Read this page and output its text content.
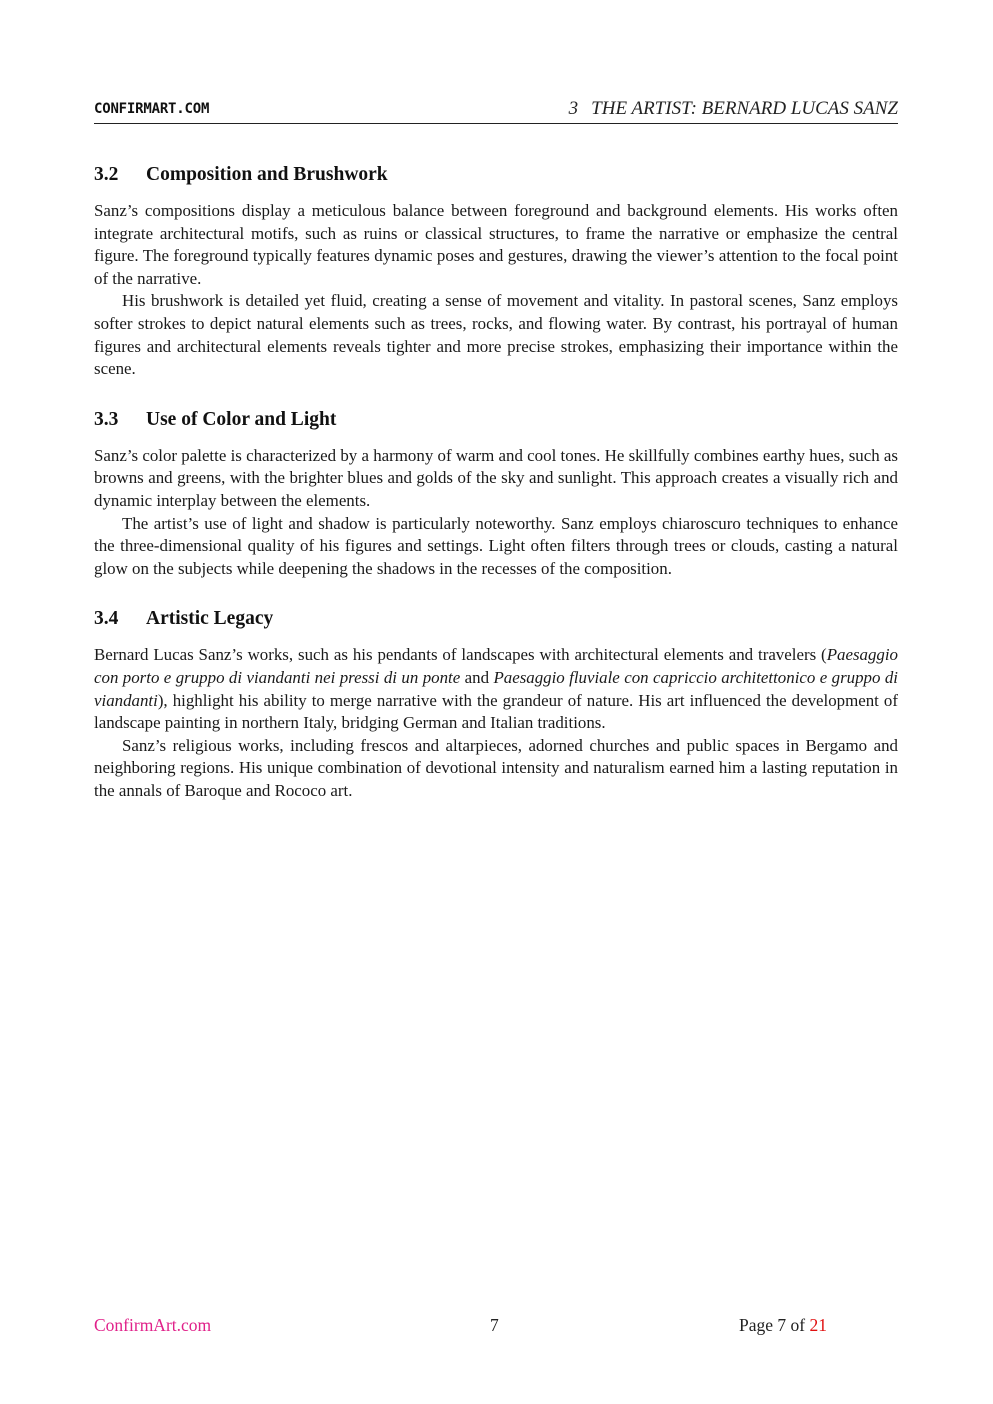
CONFIRMART.COM	3 THE ARTIST: BERNARD LUCAS SANZ
3.2 Composition and Brushwork

Sanz’s compositions display a meticulous balance between foreground and background elements. His works often integrate architectural motifs, such as ruins or classical structures, to frame the narrative or emphasize the central figure. The foreground typically features dynamic poses and gestures, drawing the viewer’s attention to the focal point of the narrative.

His brushwork is detailed yet fluid, creating a sense of movement and vitality. In pastoral scenes, Sanz employs softer strokes to depict natural elements such as trees, rocks, and flowing water. By contrast, his portrayal of human figures and architectural elements reveals tighter and more precise strokes, emphasizing their importance within the scene.

3.3 Use of Color and Light

Sanz’s color palette is characterized by a harmony of warm and cool tones. He skillfully combines earthy hues, such as browns and greens, with the brighter blues and golds of the sky and sunlight. This approach creates a visually rich and dynamic interplay between the elements.

The artist’s use of light and shadow is particularly noteworthy. Sanz employs chiaroscuro techniques to enhance the three-dimensional quality of his figures and settings. Light often filters through trees or clouds, casting a natural glow on the subjects while deepening the shadows in the recesses of the composition.

3.4 Artistic Legacy

Bernard Lucas Sanz’s works, such as his pendants of landscapes with architectural elements and travelers (Paesaggio con porto e gruppo di viandanti nei pressi di un ponte and Paesaggio fluviale con capriccio architettonico e gruppo di viandanti), highlight his ability to merge narrative with the grandeur of nature. His art influenced the development of landscape painting in northern Italy, bridging German and Italian traditions.

Sanz’s religious works, including frescos and altarpieces, adorned churches and public spaces in Bergamo and neighboring regions. His unique combination of devotional intensity and naturalism earned him a lasting reputation in the annals of Baroque and Rococo art.

ConfirmArt.com	7	Page 7 of 21
